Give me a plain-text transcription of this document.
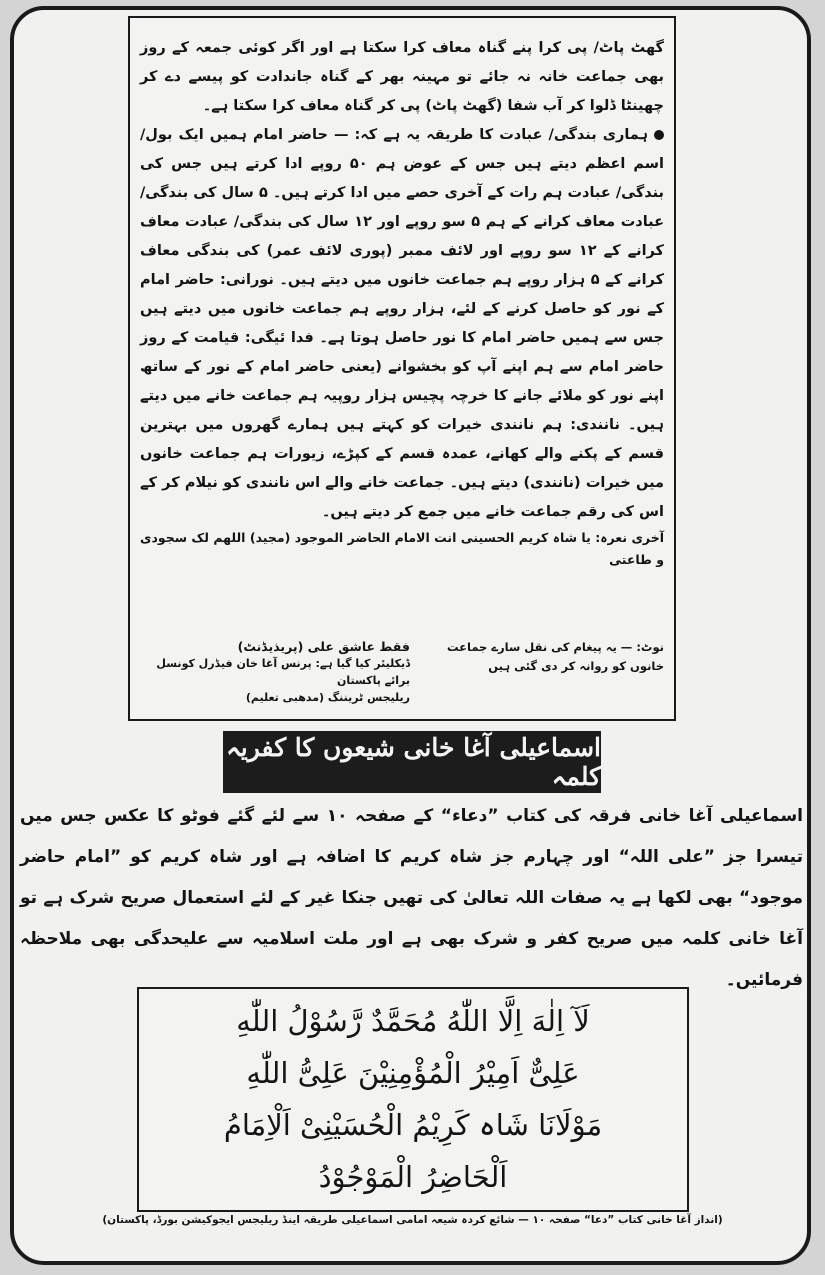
گھٹ پاٹ/ پی کرا پنے گناہ معاف کرا سکتا ہے اور اگر کوئی جمعہ کے روز بھی جماعت خانہ نہ جائے تو مہینہ بھر کے گناہ جاندادت کو پیسے دے کر چھینٹا ڈلوا کر آب شفا (گھٹ پاٹ) پی کر گناہ معاف کرا سکتا ہے۔

ہماری بندگی/ عبادت کا طریقہ یہ ہے کہ: — حاضر امام ہمیں ایک بول/ اسم اعظم دیتے ہیں جس کے عوض ہم ۵۰ روپے ادا کرتے ہیں جس کی بندگی/ عبادت ہم رات کے آخری حصے میں ادا کرتے ہیں۔ ۵ سال کی بندگی/ عبادت معاف کرانے کے ہم ۵ سو روپے اور ۱۲ سال کی بندگی/ عبادت معاف کرانے کے ۱۲ سو روپے اور لائف ممبر (پوری لائف عمر) کی بندگی معاف کرانے کے ۵ ہزار روپے ہم جماعت خانوں میں دیتے ہیں۔ نورانی: حاضر امام کے نور کو حاصل کرنے کے لئے، ہزار روپے ہم جماعت خانوں میں دیتے ہیں جس سے ہمیں حاضر امام کا نور حاصل ہوتا ہے۔ فدا ئیگی: قیامت کے روز حاضر امام سے ہم اپنے آپ کو بخشوانے (یعنی حاضر امام کے نور کے ساتھ اپنے نور کو ملائے جانے کا خرچہ پچیس ہزار روپیہ ہم جماعت خانے میں دیتے ہیں۔ نانندی: ہم نانندی خیرات کو کہتے ہیں ہمارے گھروں میں بہترین قسم کے پکنے والے کھانے، عمدہ قسم کے کپڑے، زیورات ہم جماعت خانوں میں خیرات (نانندی) دیتے ہیں۔ جماعت خانے والے اس نانندی کو نیلام کر کے اس کی رقم جماعت خانے میں جمع کر دیتے ہیں۔

آخری نعرہ: یا شاہ کریم الحسینی انت الامام الحاضر الموجود (مجید) اللھم لک سجودی و طاعتی

نوٹ: — یہ پیغام کی نقل سارے جماعت خانوں کو روانہ کر دی گئی ہیں
فقط عاشق علی (پریذیڈنٹ)
ڈیکلیئر کیا گیا ہے: پرنس آغا خان فیڈرل کونسل برائے پاکستان
ریلیجس ٹریننگ (مدهبی تعلیم)
اسماعیلی آغا خانی شیعوں کا کفریہ کلمہ

اسماعیلی آغا خانی فرقہ کی کتاب ”دعاء“ کے صفحہ ۱۰ سے لئے گئے فوٹو کا عکس جس میں تیسرا جز ”علی اللہ“ اور چہارم جز شاہ کریم کا اضافہ ہے اور شاہ کریم کو ”امام حاضر موجود“ بھی لکھا ہے یہ صفات اللہ تعالیٰ کی تھیں جنکا غیر کے لئے استعمال صریح شرک ہے تو آغا خانی کلمہ میں صریح کفر و شرک بھی ہے اور ملت اسلامیہ سے علیحدگی بھی ملاحظہ فرمائیں۔

لَآ اِلٰهَ اِلَّا اللّٰهُ مُحَمَّدٌ رَّسُوْلُ اللّٰهِ
عَلِیٌّ اَمِیْرُ الْمُؤْمِنِیْنَ عَلِیُّ اللّٰهِ
مَوْلَانَا شَاہ کَرِیْمُ الْحُسَیْنِیْ اَلْاِمَامُ
اَلْحَاضِرُ الْمَوْجُوْدُ
(انداز آغا خانی کتاب ”دعا“ صفحہ ۱۰ — شائع کردہ شیعہ امامی اسماعیلی طریقہ اینڈ ریلیجس ایجوکیشن بورڈ، پاکستان)
